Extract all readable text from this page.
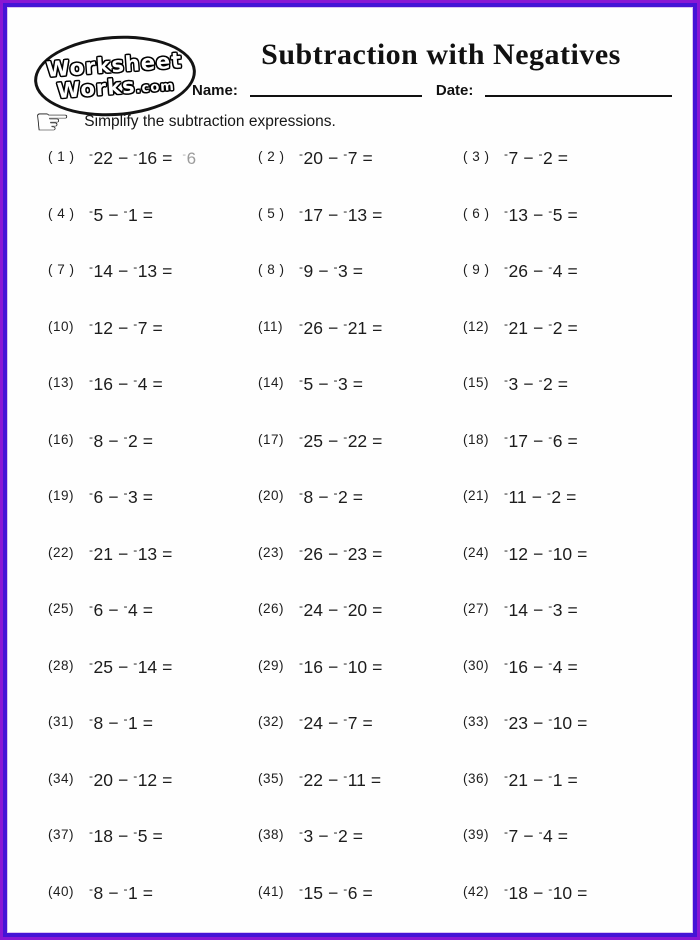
Worksheet
Works.com
Subtraction with Negatives
Name:	Date:
☞ Simplify the subtraction expressions.
( 1 )	-22 − -16 = -6	( 2 )	-20 − -7 =	( 3 )	-7 − -2 =
( 4 )	-5 − -1 =	( 5 )	-17 − -13 =	( 6 )	-13 − -5 =
( 7 )	-14 − -13 =	( 8 )	-9 − -3 =	( 9 )	-26 − -4 =
(10)	-12 − -7 =	(11)	-26 − -21 =	(12)	-21 − -2 =
(13)	-16 − -4 =	(14)	-5 − -3 =	(15)	-3 − -2 =
(16)	-8 − -2 =	(17)	-25 − -22 =	(18)	-17 − -6 =
(19)	-6 − -3 =	(20)	-8 − -2 =	(21)	-11 − -2 =
(22)	-21 − -13 =	(23)	-26 − -23 =	(24)	-12 − -10 =
(25)	-6 − -4 =	(26)	-24 − -20 =	(27)	-14 − -3 =
(28)	-25 − -14 =	(29)	-16 − -10 =	(30)	-16 − -4 =
(31)	-8 − -1 =	(32)	-24 − -7 =	(33)	-23 − -10 =
(34)	-20 − -12 =	(35)	-22 − -11 =	(36)	-21 − -1 =
(37)	-18 − -5 =	(38)	-3 − -2 =	(39)	-7 − -4 =
(40)	-8 − -1 =	(41)	-15 − -6 =	(42)	-18 − -10 =
